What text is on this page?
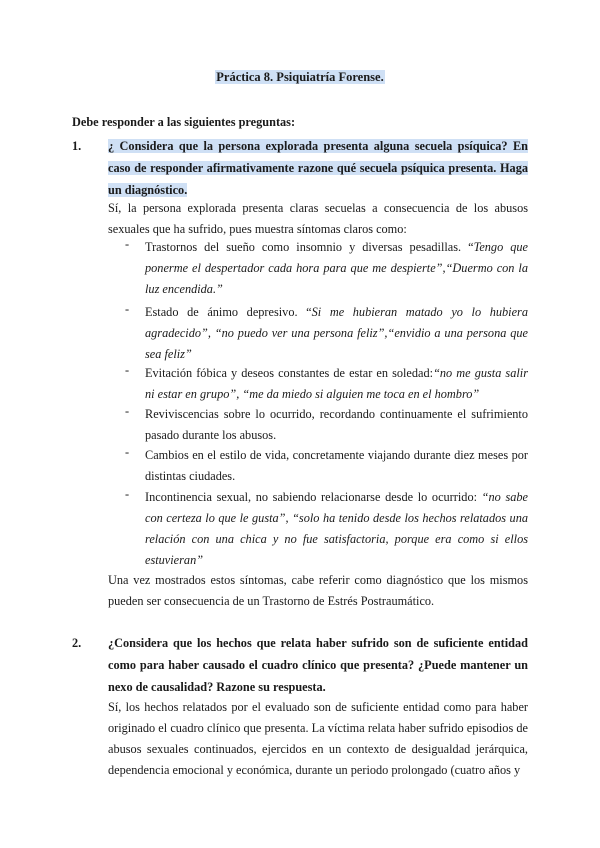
Práctica 8. Psiquiatría Forense.
Debe responder a las siguientes preguntas:
1.	¿ Considera que la persona explorada presenta alguna secuela psíquica? En caso de responder afirmativamente razone qué secuela psíquica presenta. Haga un diagnóstico.
Sí, la persona explorada presenta claras secuelas a consecuencia de los abusos sexuales que ha sufrido, pues muestra síntomas claros como:
- Trastornos del sueño como insomnio y diversas pesadillas. “Tengo que ponerme el despertador cada hora para que me despierte”,“Duermo con la luz encendida.”
- Estado de ánimo depresivo. “Si me hubieran matado yo lo hubiera agradecido”, “no puedo ver una persona feliz”,“envidio a una persona que sea feliz”
- Evitación fóbica y deseos constantes de estar en soledad:“no me gusta salir ni estar en grupo”, “me da miedo si alguien me toca en el hombro”
- Reviviscencias sobre lo ocurrido, recordando continuamente el sufrimiento pasado durante los abusos.
- Cambios en el estilo de vida, concretamente viajando durante diez meses por distintas ciudades.
- Incontinencia sexual, no sabiendo relacionarse desde lo ocurrido: “no sabe con certeza lo que le gusta”, “solo ha tenido desde los hechos relatados una relación con una chica y no fue satisfactoria, porque era como si ellos estuvieran”
Una vez mostrados estos síntomas, cabe referir como diagnóstico que los mismos pueden ser consecuencia de un Trastorno de Estrés Postraumático.
2.	¿Considera que los hechos que relata haber sufrido son de suficiente entidad como para haber causado el cuadro clínico que presenta? ¿Puede mantener un nexo de causalidad? Razone su respuesta.
Sí, los hechos relatados por el evaluado son de suficiente entidad como para haber originado el cuadro clínico que presenta. La víctima relata haber sufrido episodios de abusos sexuales continuados, ejercidos en un contexto de desigualdad jerárquica, dependencia emocional y económica, durante un periodo prolongado (cuatro años y
